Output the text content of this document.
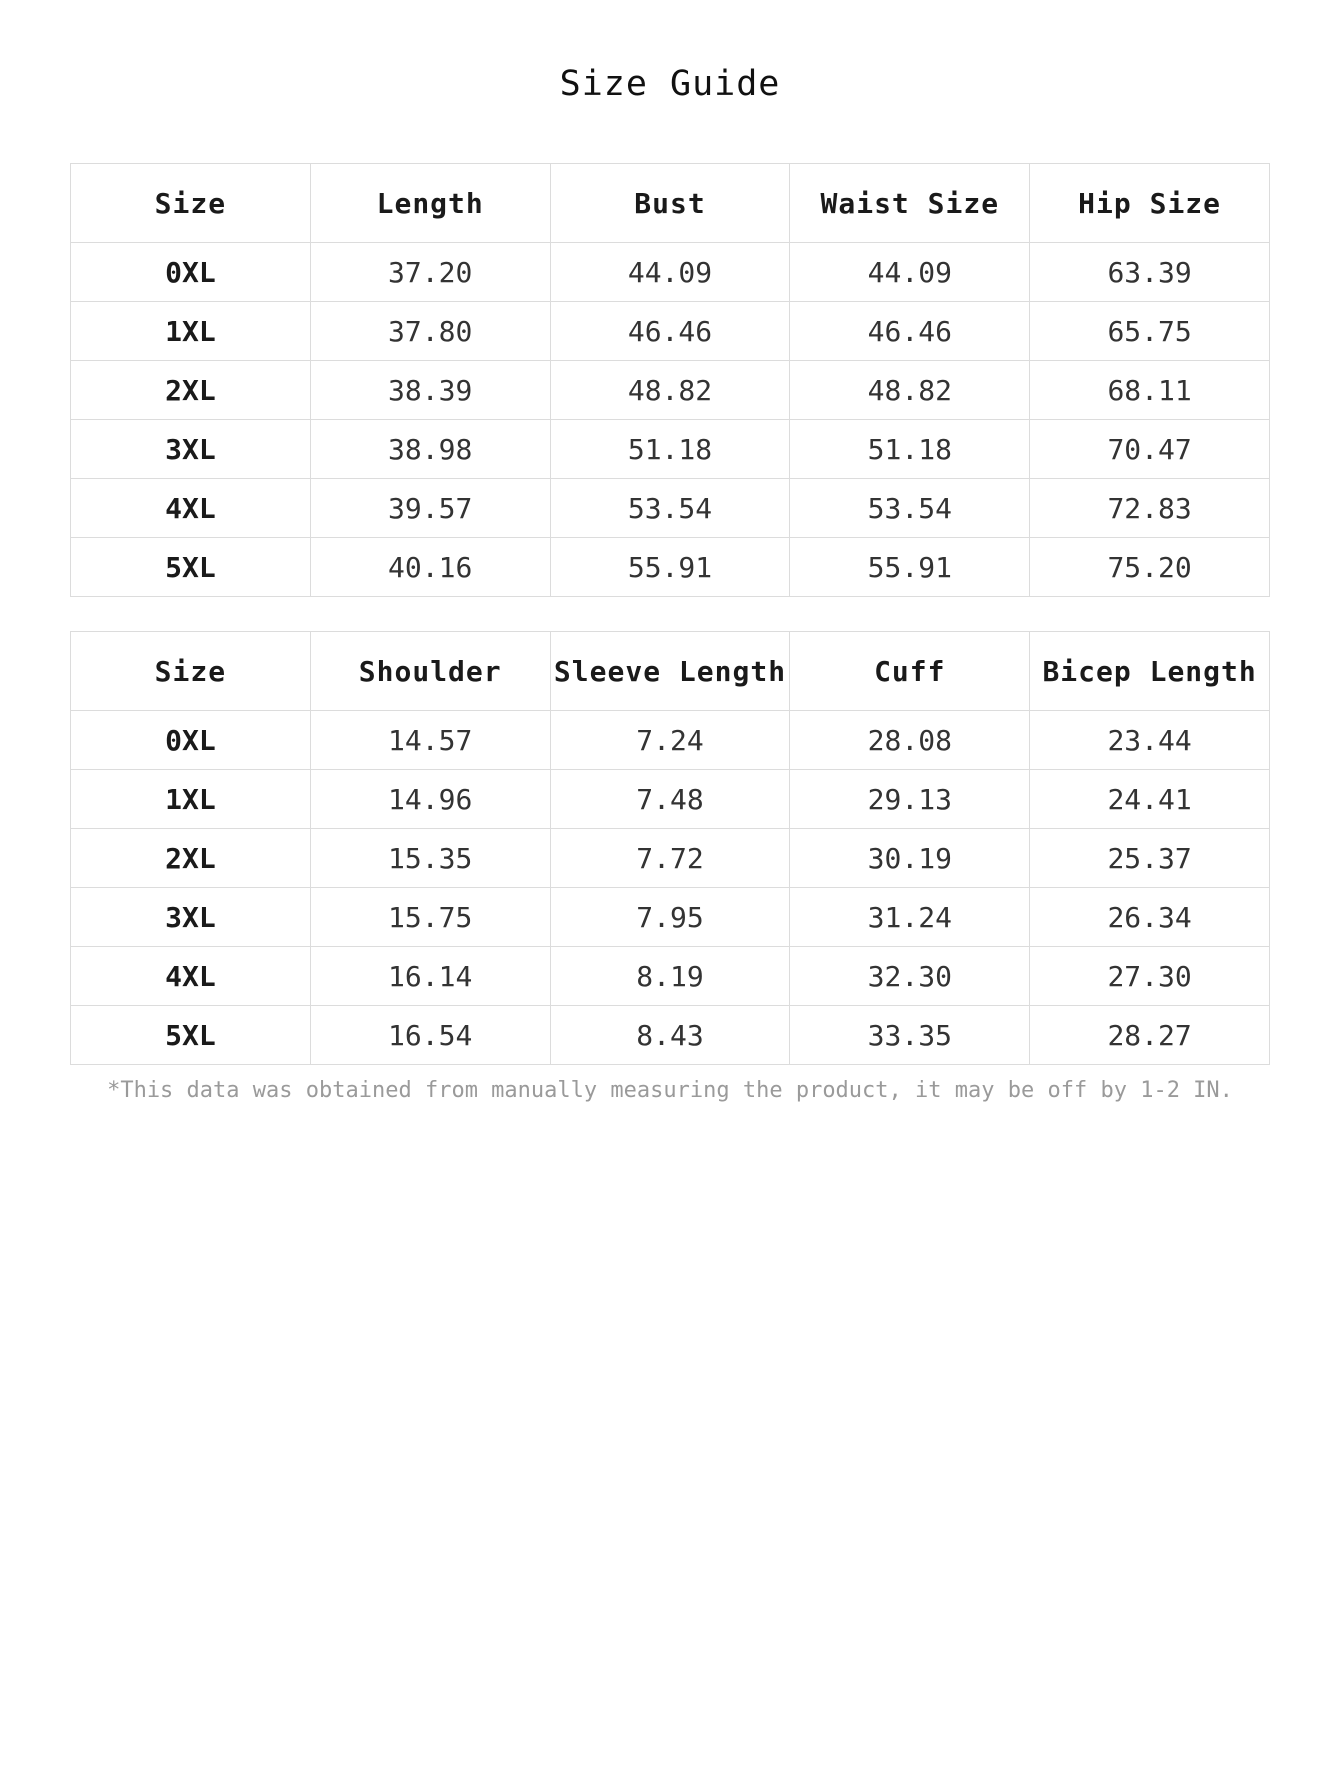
Size Guide
Size	Length	Bust	Waist Size	Hip Size
0XL	37.20	44.09	44.09	63.39
1XL	37.80	46.46	46.46	65.75
2XL	38.39	48.82	48.82	68.11
3XL	38.98	51.18	51.18	70.47
4XL	39.57	53.54	53.54	72.83
5XL	40.16	55.91	55.91	75.20
Size	Shoulder	Sleeve Length	Cuff	Bicep Length
0XL	14.57	7.24	28.08	23.44
1XL	14.96	7.48	29.13	24.41
2XL	15.35	7.72	30.19	25.37
3XL	15.75	7.95	31.24	26.34
4XL	16.14	8.19	32.30	27.30
5XL	16.54	8.43	33.35	28.27
*This data was obtained from manually measuring the product, it may be off by 1-2 IN.
